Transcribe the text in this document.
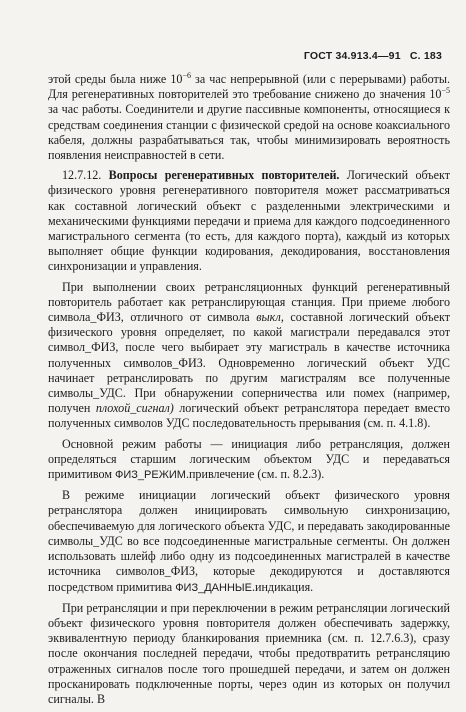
ГОСТ 34.913.4—91 С. 183

этой среды была ниже $10^{-6}$ за час непрерывной (или с перерывами) работы. Для регенеративных повторителей это требование снижено до значения $10^{-5}$ за час работы. Соединители и другие пассивные компоненты, относящиеся к средствам соединения станции с физической средой на основе коаксиального кабеля, должны разрабатываться так, чтобы минимизировать вероятность появления неисправностей в сети.

12.7.12. Вопросы регенеративных повторителей. Логический объект физического уровня регенеративного повторителя может рассматриваться как составной логический объект с разделенными электрическими и механическими функциями передачи и приема для каждого подсоединенного магистрального сегмента (то есть, для каждого порта), каждый из которых выполняет общие функции кодирования, декодирования, восстановления синхронизации и управления.

При выполнении своих ретрансляционных функций регенеративный повторитель работает как ретранслирующая станция. При приеме любого символа_ФИЗ, отличного от символа выкл, составной логический объект физического уровня определяет, по какой магистрали передавался этот символ_ФИЗ, после чего выбирает эту магистраль в качестве источника полученных символов_ФИЗ. Одновременно логический объект УДС начинает ретранслировать по другим магистралям все полученные символы_УДС. При обнаружении соперничества или помех (например, получен плохой_сигнал) логический объект ретранслятора передает вместо полученных символов УДС последовательность прерывания (см. п. 4.1.8).

Основной режим работы — инициация либо ретрансляция, должен определяться старшим логическим объектом УДС и передаваться примитивом ФИЗ_РЕЖИМ.привлечение (см. п. 8.2.3).

В режиме инициации логический объект физического уровня ретранслятора должен инициировать символьную синхронизацию, обеспечиваемую для логического объекта УДС, и передавать закодированные символы_УДС во все подсоединенные магистральные сегменты. Он должен использовать шлейф либо одну из подсоединенных магистралей в качестве источника символов_ФИЗ, которые декодируются и доставляются посредством примитива ФИЗ_ДАННЫЕ.индикация.

При ретрансляции и при переключении в режим ретрансляции логический объект физического уровня повторителя должен обеспечивать задержку, эквивалентную периоду бланкирования приемника (см. п. 12.7.6.3), сразу после окончания последней передачи, чтобы предотвратить ретрансляцию отраженных сигналов после того прошедшей передачи, и затем он должен просканировать подключенные порты, через один из которых он получил сигналы. В
